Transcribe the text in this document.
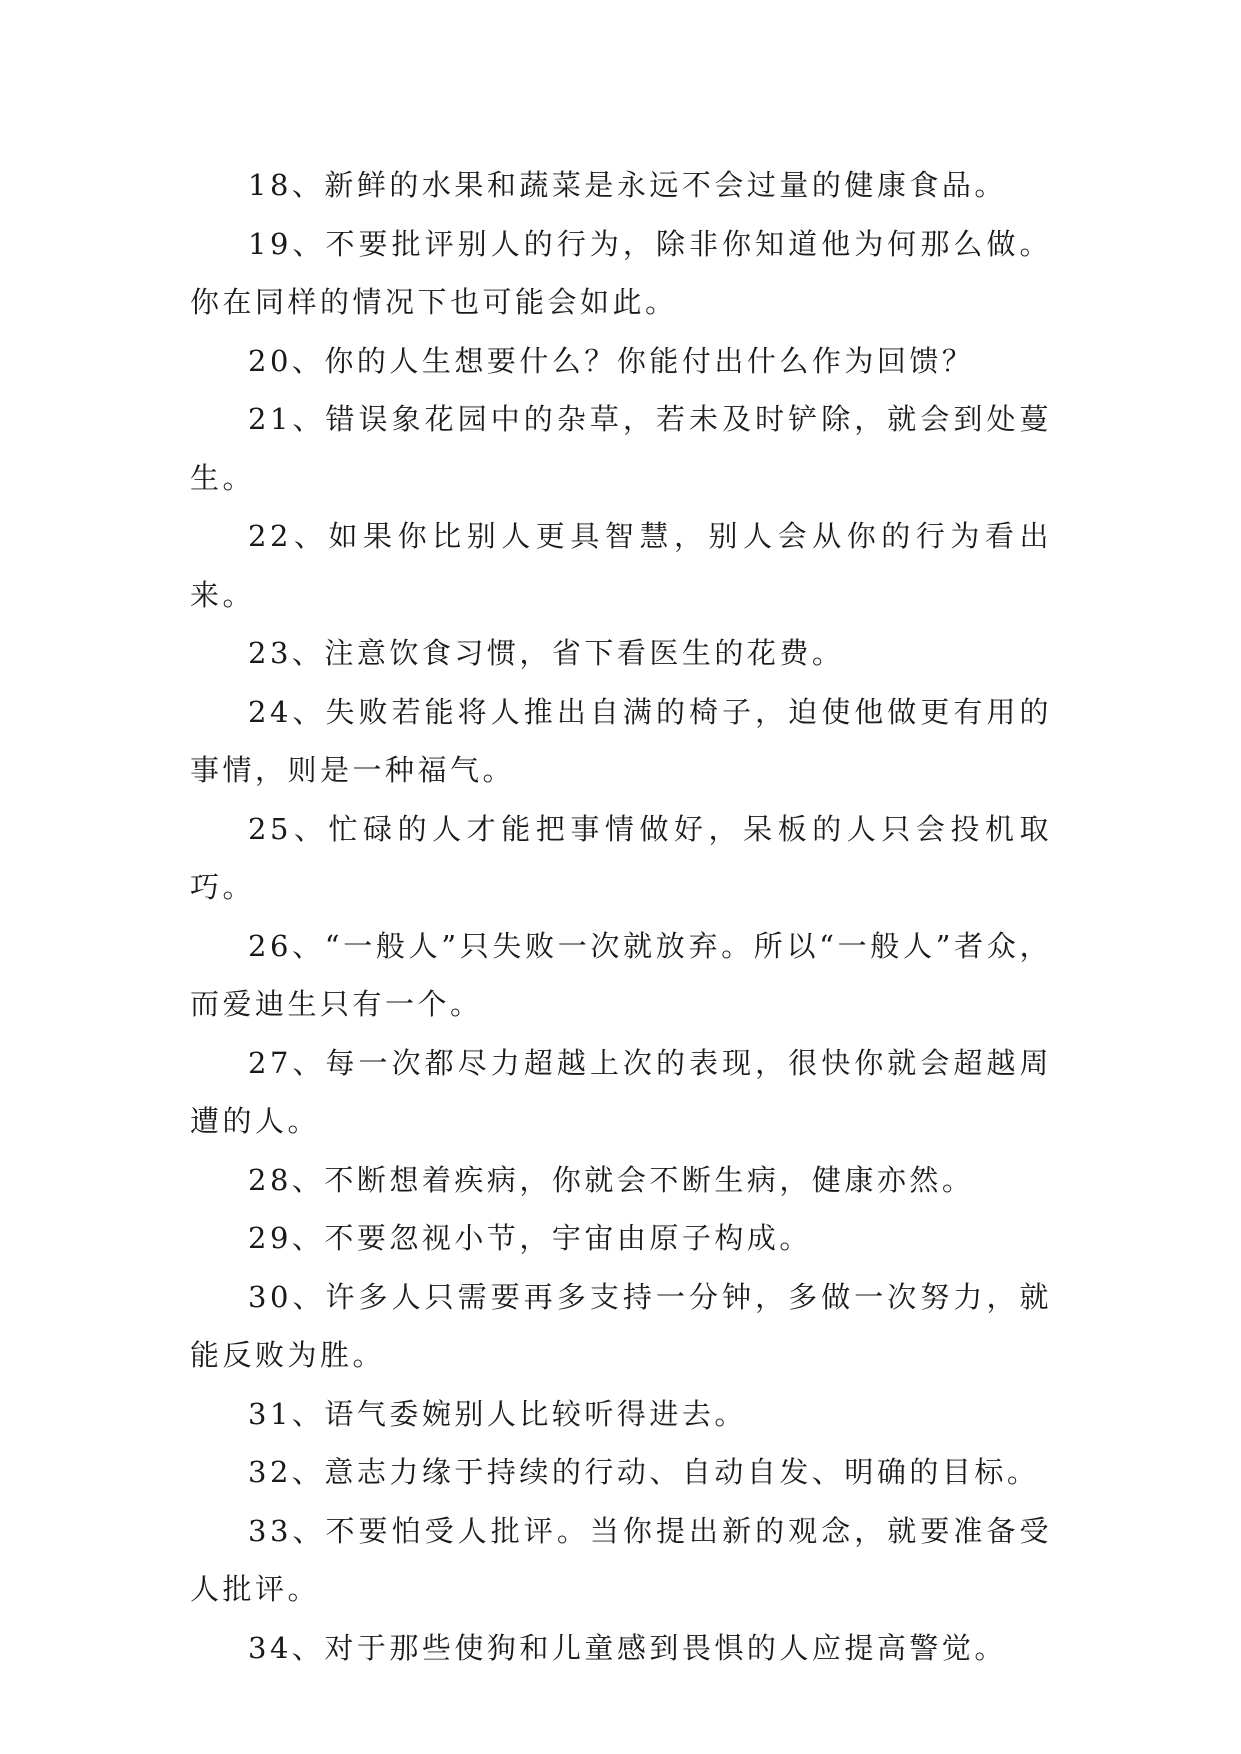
18、新鲜的水果和蔬菜是永远不会过量的健康食品。

19、不要批评别人的行为，除非你知道他为何那么做。你在同样的情况下也可能会如此。

20、你的人生想要什么？你能付出什么作为回馈？

21、错误象花园中的杂草，若未及时铲除，就会到处蔓生。

22、如果你比别人更具智慧，别人会从你的行为看出来。

23、注意饮食习惯，省下看医生的花费。

24、失败若能将人推出自满的椅子，迫使他做更有用的事情，则是一种福气。

25、忙碌的人才能把事情做好，呆板的人只会投机取巧。

26、“一般人”只失败一次就放弃。所以“一般人”者众，而爱迪生只有一个。

27、每一次都尽力超越上次的表现，很快你就会超越周遭的人。

28、不断想着疾病，你就会不断生病，健康亦然。

29、不要忽视小节，宇宙由原子构成。

30、许多人只需要再多支持一分钟，多做一次努力，就能反败为胜。

31、语气委婉别人比较听得进去。

32、意志力缘于持续的行动、自动自发、明确的目标。

33、不要怕受人批评。当你提出新的观念，就要准备受人批评。

34、对于那些使狗和儿童感到畏惧的人应提高警觉。
